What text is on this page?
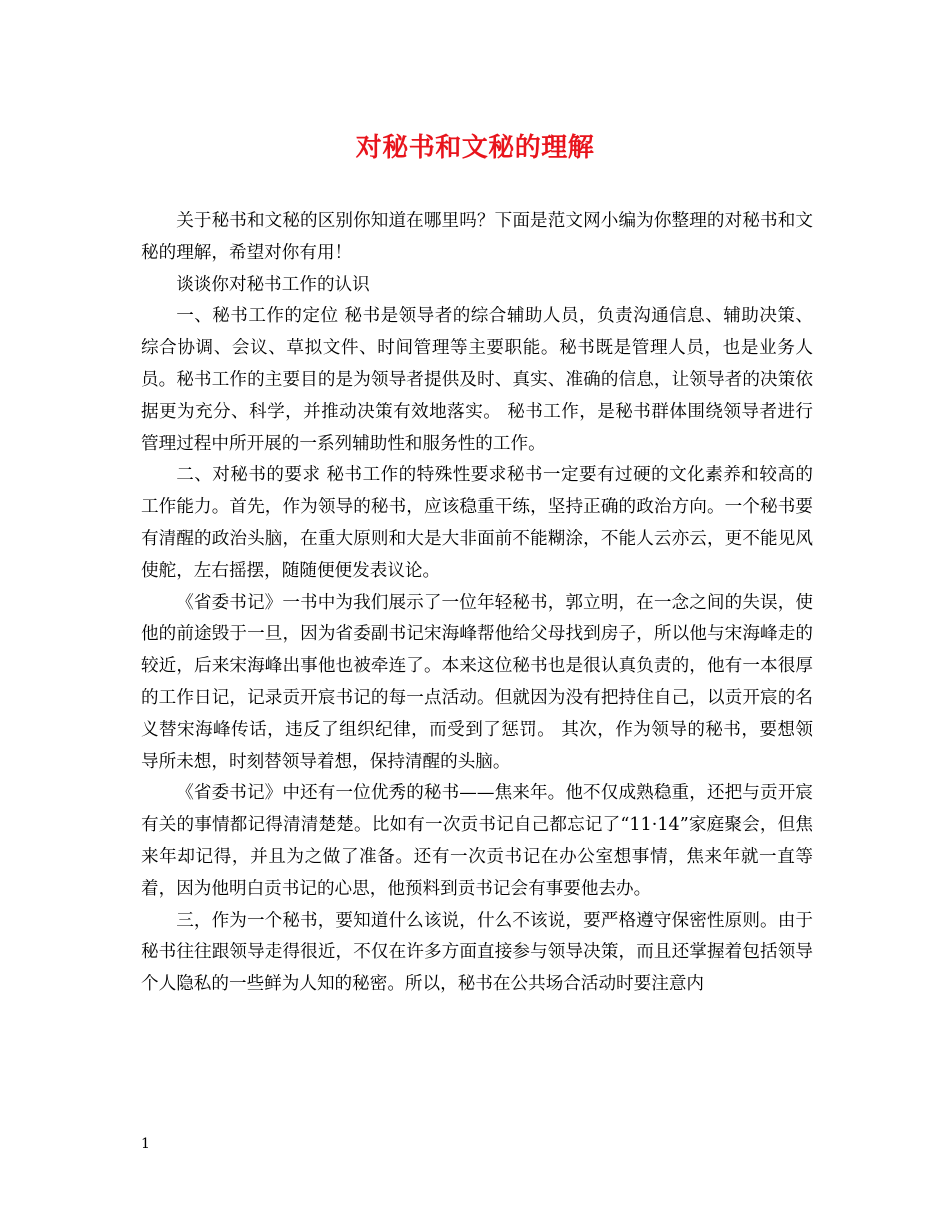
对秘书和文秘的理解

关于秘书和文秘的区别你知道在哪里吗？下面是范文网小编为你整理的对秘书和文秘的理解，希望对你有用！

谈谈你对秘书工作的认识

一、秘书工作的定位 秘书是领导者的综合辅助人员，负责沟通信息、辅助决策、综合协调、会议、草拟文件、时间管理等主要职能。秘书既是管理人员，也是业务人员。秘书工作的主要目的是为领导者提供及时、真实、准确的信息，让领导者的决策依据更为充分、科学，并推动决策有效地落实。 秘书工作，是秘书群体围绕领导者进行管理过程中所开展的一系列辅助性和服务性的工作。

二、对秘书的要求 秘书工作的特殊性要求秘书一定要有过硬的文化素养和较高的工作能力。首先，作为领导的秘书，应该稳重干练，坚持正确的政治方向。一个秘书要有清醒的政治头脑，在重大原则和大是大非面前不能糊涂，不能人云亦云，更不能见风使舵，左右摇摆，随随便便发表议论。

《省委书记》一书中为我们展示了一位年轻秘书，郭立明，在一念之间的失误，使他的前途毁于一旦，因为省委副书记宋海峰帮他给父母找到房子，所以他与宋海峰走的较近，后来宋海峰出事他也被牵连了。本来这位秘书也是很认真负责的，他有一本很厚的工作日记，记录贡开宸书记的每一点活动。但就因为没有把持住自己，以贡开宸的名义替宋海峰传话，违反了组织纪律，而受到了惩罚。 其次，作为领导的秘书，要想领导所未想，时刻替领导着想，保持清醒的头脑。

《省委书记》中还有一位优秀的秘书——焦来年。他不仅成熟稳重，还把与贡开宸有关的事情都记得清清楚楚。比如有一次贡书记自己都忘记了“11·14”家庭聚会，但焦来年却记得，并且为之做了准备。还有一次贡书记在办公室想事情，焦来年就一直等着，因为他明白贡书记的心思，他预料到贡书记会有事要他去办。

三，作为一个秘书，要知道什么该说，什么不该说，要严格遵守保密性原则。由于秘书往往跟领导走得很近，不仅在许多方面直接参与领导决策，而且还掌握着包括领导个人隐私的一些鲜为人知的秘密。所以，秘书在公共场合活动时要注意内

1
